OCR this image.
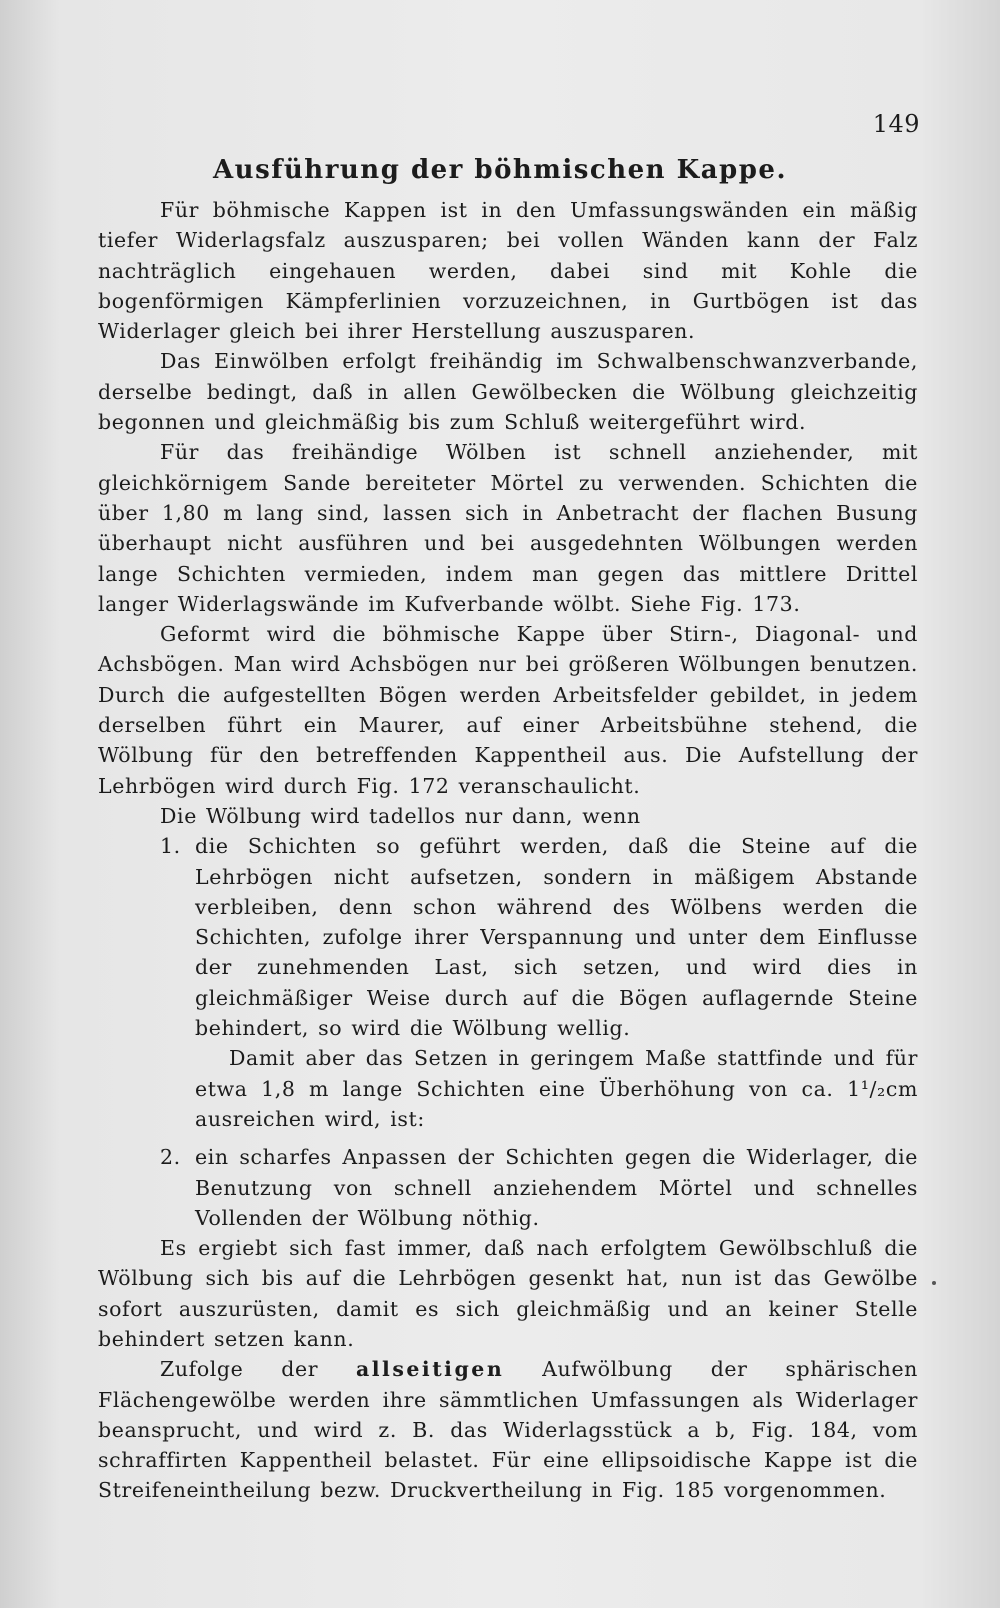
149
Ausführung der böhmischen Kappe.

Für böhmische Kappen ist in den Umfassungswänden ein mäßig tiefer Widerlagsfalz auszusparen; bei vollen Wänden kann der Falz nachträglich eingehauen werden, dabei sind mit Kohle die bogenförmigen Kämpferlinien vorzuzeichnen, in Gurtbögen ist das Widerlager gleich bei ihrer Herstellung auszusparen.

Das Einwölben erfolgt freihändig im Schwalbenschwanzverbande, derselbe bedingt, daß in allen Gewölbecken die Wölbung gleichzeitig begonnen und gleichmäßig bis zum Schluß weitergeführt wird.

Für das freihändige Wölben ist schnell anziehender, mit gleichkörnigem Sande bereiteter Mörtel zu verwenden. Schichten die über 1,80 m lang sind, lassen sich in Anbetracht der flachen Busung überhaupt nicht ausführen und bei ausgedehnten Wölbungen werden lange Schichten vermieden, indem man gegen das mittlere Drittel langer Widerlagswände im Kufverbande wölbt. Siehe Fig. 173.

Geformt wird die böhmische Kappe über Stirn-, Diagonal- und Achsbögen. Man wird Achsbögen nur bei größeren Wölbungen benutzen. Durch die aufgestellten Bögen werden Arbeitsfelder gebildet, in jedem derselben führt ein Maurer, auf einer Arbeitsbühne stehend, die Wölbung für den betreffenden Kappentheil aus. Die Aufstellung der Lehrbögen wird durch Fig. 172 veranschaulicht.

Die Wölbung wird tadellos nur dann, wenn

1. die Schichten so geführt werden, daß die Steine auf die Lehrbögen nicht aufsetzen, sondern in mäßigem Abstande verbleiben, denn schon während des Wölbens werden die Schichten, zufolge ihrer Verspannung und unter dem Einflusse der zunehmenden Last, sich setzen, und wird dies in gleichmäßiger Weise durch auf die Bögen auflagernde Steine behindert, so wird die Wölbung wellig.

Damit aber das Setzen in geringem Maße stattfinde und für etwa 1,8 m lange Schichten eine Überhöhung von ca. 1¹/₂cm ausreichen wird, ist:

2. ein scharfes Anpassen der Schichten gegen die Widerlager, die Benutzung von schnell anziehendem Mörtel und schnelles Vollenden der Wölbung nöthig.

Es ergiebt sich fast immer, daß nach erfolgtem Gewölbschluß die Wölbung sich bis auf die Lehrbögen gesenkt hat, nun ist das Gewölbe sofort auszurüsten, damit es sich gleichmäßig und an keiner Stelle behindert setzen kann.

Zufolge der allseitigen Aufwölbung der sphärischen Flächengewölbe werden ihre sämmtlichen Umfassungen als Widerlager beansprucht, und wird z. B. das Widerlagsstück a b, Fig. 184, vom schraffirten Kappentheil belastet. Für eine ellipsoidische Kappe ist die Streifeneintheilung bezw. Druckvertheilung in Fig. 185 vorgenommen.
